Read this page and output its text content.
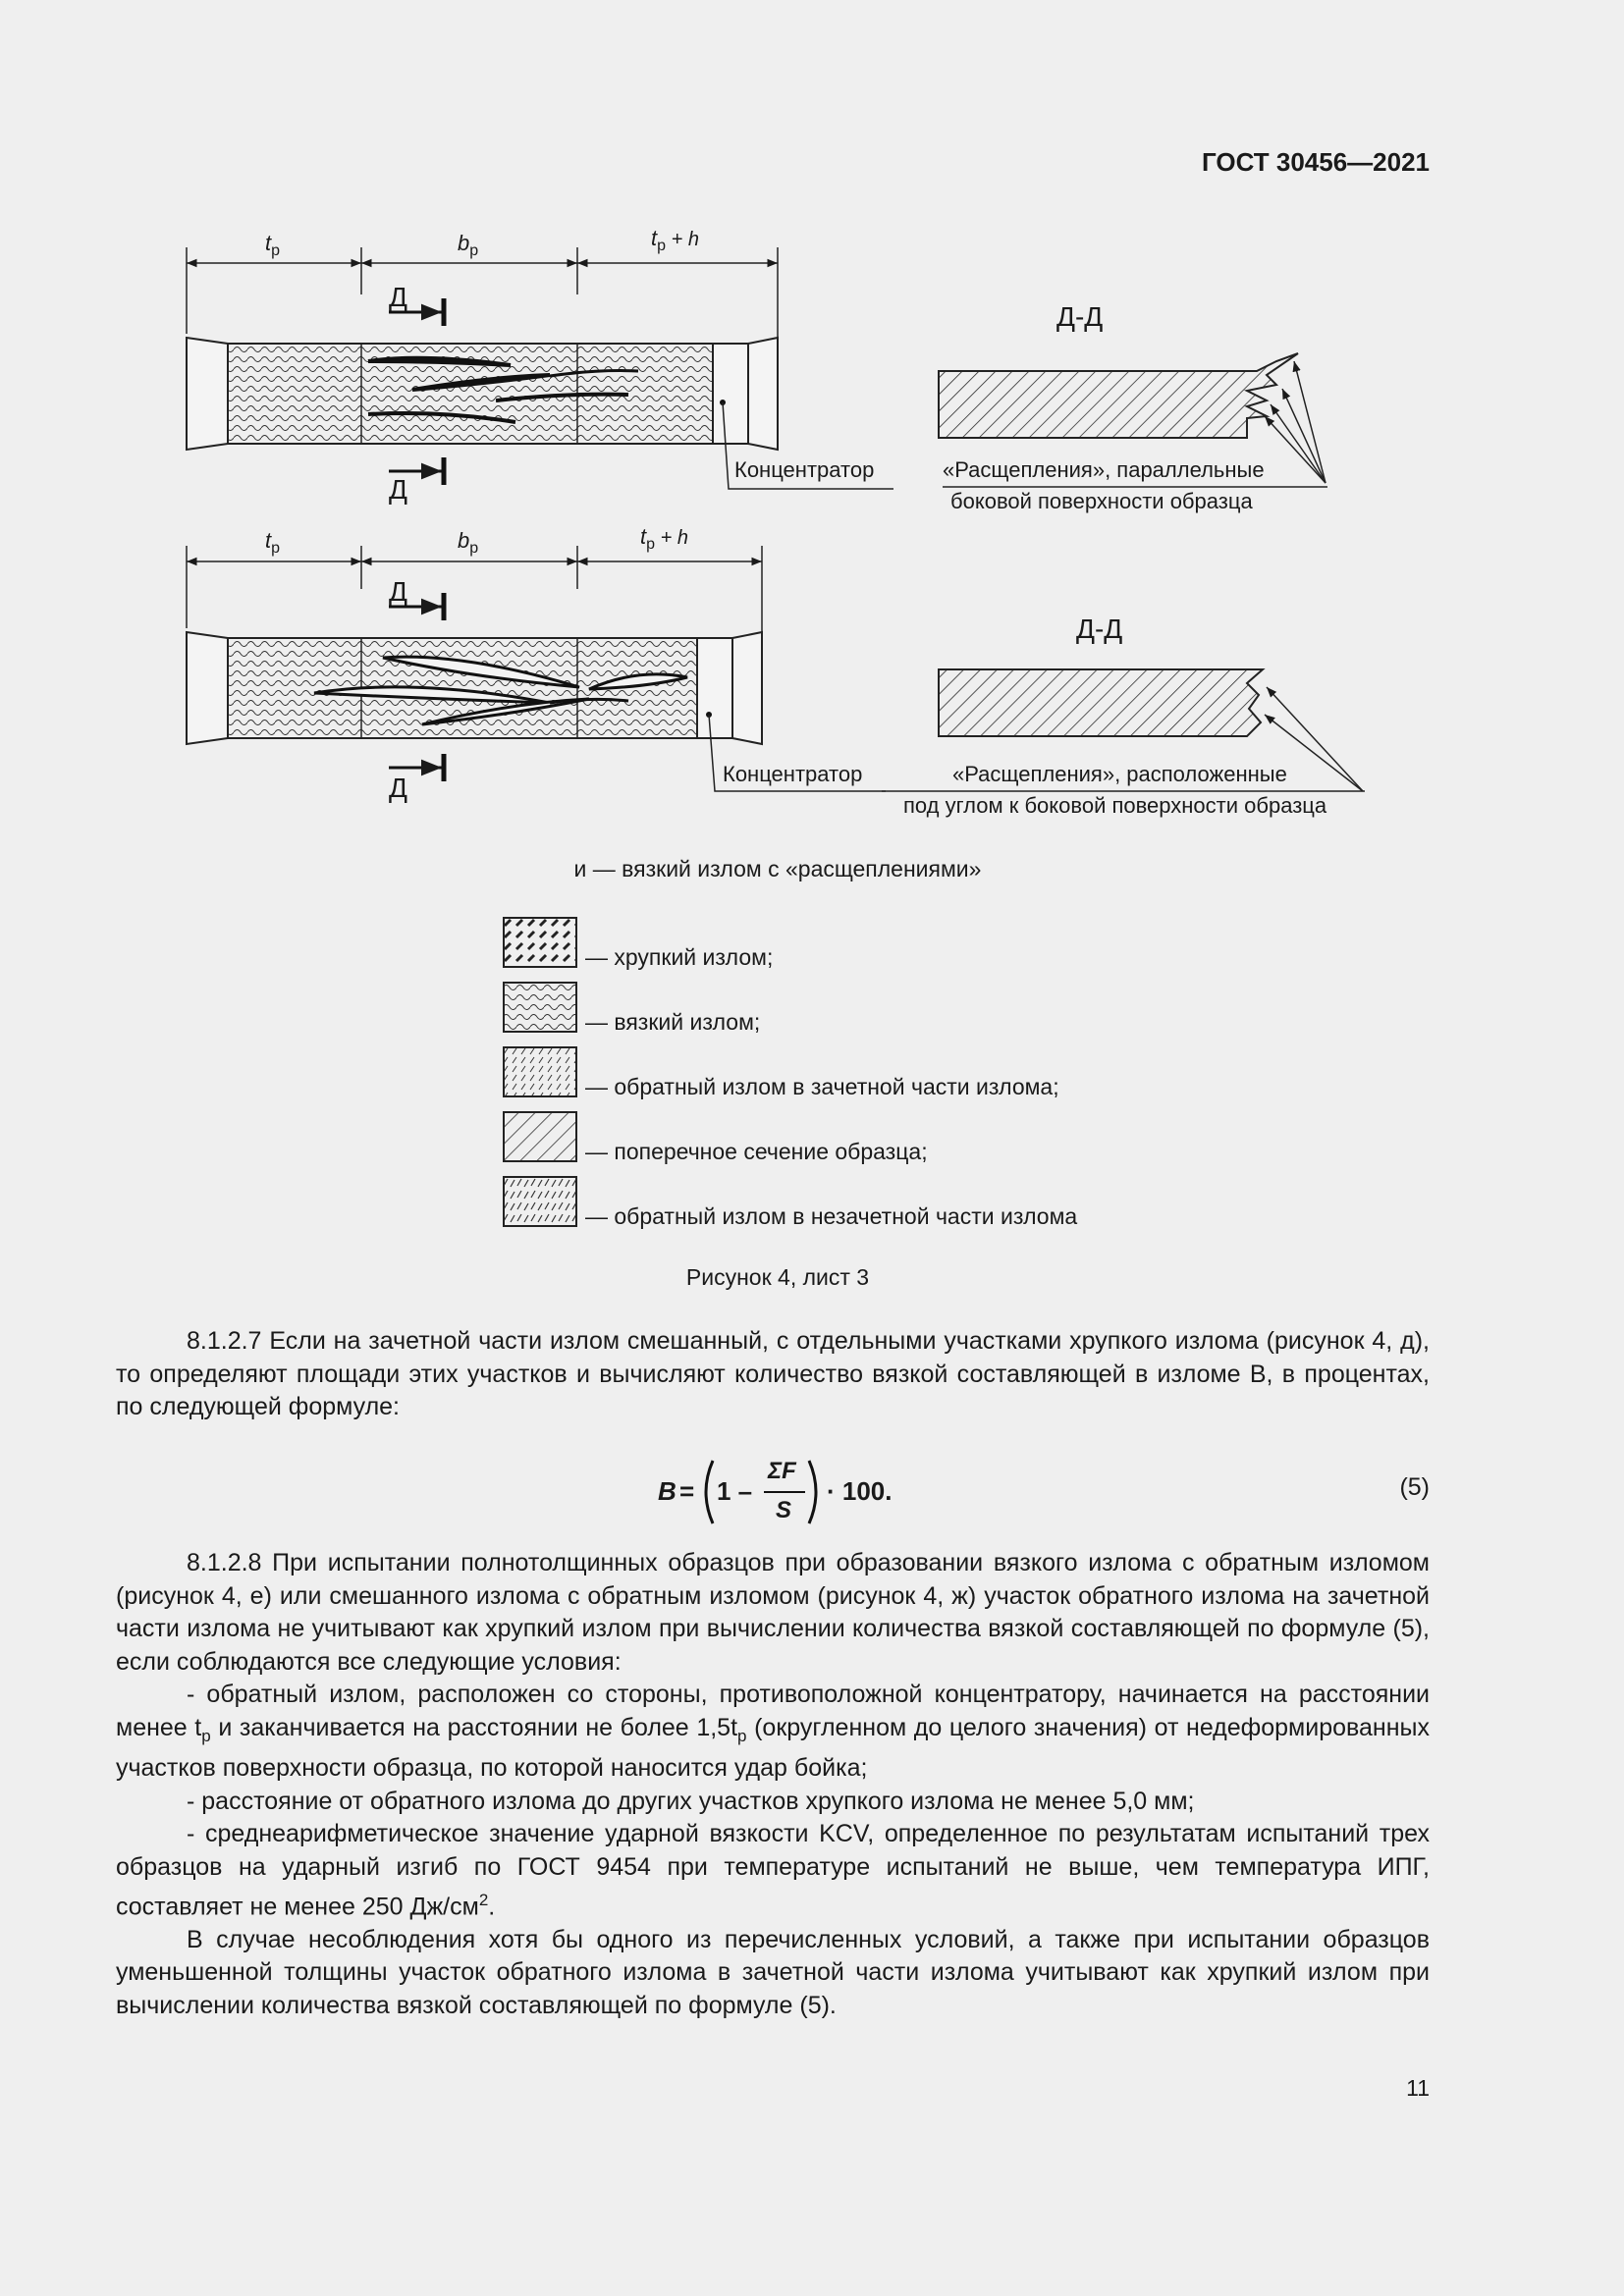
ГОСТ 30456—2021
$t_р$	$b_р$
$t_р + h$
Д
Д
Концентратор
Д-Д
«Расщепления», параллельные
боковой поверхности образца
$t_р$	$b_р$	$t_р + h$
Д
Д	Концентратор
Д-Д
«Расщепления», расположенные
под углом к боковой поверхности образца
и — вязкий излом с «расщеплениями»
— хрупкий излом;
— вязкий излом;
— обратный излом в зачетной части излома;
— поперечное сечение образца;
— обратный излом в незачетной части излома
Рисунок 4, лист 3

8.1.2.7 Если на зачетной части излом смешанный, с отдельными участками хрупкого излома (рисунок 4, д), то определяют площади этих участков и вычисляют количество вязкой составляющей в изломе B, в процентах, по следующей формуле:

B = 1 –
ΣF
S
· 100.	(5)

8.1.2.8 При испытании полнотолщинных образцов при образовании вязкого излома с обратным изломом (рисунок 4, е) или смешанного излома с обратным изломом (рисунок 4, ж) участок обратного излома на зачетной части излома не учитывают как хрупкий излом при вычислении количества вязкой составляющей по формуле (5), если соблюдаются все следующие условия:

- обратный излом, расположен со стороны, противоположной концентратору, начинается на расстоянии менее $t_р$ и заканчивается на расстоянии не более $1,5t_р$ (округленном до целого значения) от недеформированных участков поверхности образца, по которой наносится удар бойка;

- расстояние от обратного излома до других участков хрупкого излома не менее 5,0 мм;

- среднеарифметическое значение ударной вязкости KCV, определенное по результатам испытаний трех образцов на ударный изгиб по ГОСТ 9454 при температуре испытаний не выше, чем температура ИПГ, составляет не менее 250 $Дж/см^2$.

В случае несоблюдения хотя бы одного из перечисленных условий, а также при испытании образцов уменьшенной толщины участок обратного излома в зачетной части излома учитывают как хрупкий излом при вычислении количества вязкой составляющей по формуле (5).

11
